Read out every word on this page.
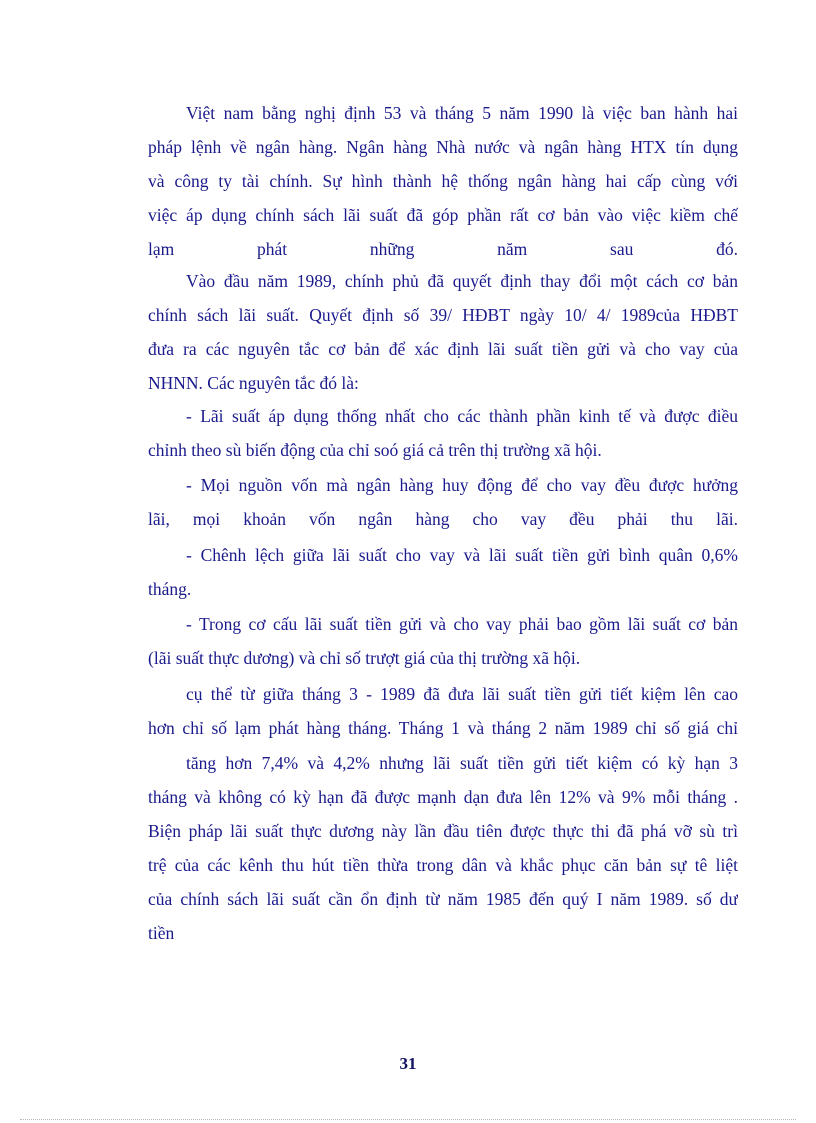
Việt nam bằng nghị định 53 và tháng 5 năm 1990 là việc ban hành hai
pháp lệnh về ngân hàng. Ngân hàng Nhà nước và ngân hàng HTX tín dụng
và công ty tài chính. Sự hình thành hệ thống ngân hàng hai cấp cùng với
việc áp dụng chính sách lãi suất đã góp phần rất cơ bản vào việc kiềm chế
lạm phát những năm sau đó.
Vào đầu năm 1989, chính phủ đã quyết định thay đổi một cách cơ bản
chính sách lãi suất. Quyết định số 39/ HĐBT ngày 10/ 4/ 1989của HĐBT
đưa ra các nguyên tắc cơ bản để xác định lãi suất tiền gửi và cho vay của
NHNN. Các nguyên tắc đó là:
- Lãi suất áp dụng thống nhất cho các thành phần kinh tế và được điều
chỉnh theo sù biến động của chỉ soó giá cả trên thị trường xã hội.
- Mọi nguồn vốn mà ngân hàng huy động để cho vay đều được hưởng
lãi, mọi khoản vốn ngân hàng cho vay đều phải thu lãi.
- Chênh lệch giữa lãi suất cho vay và lãi suất tiền gửi bình quân 0,6%
tháng.
- Trong cơ cấu lãi suất tiền gửi và cho vay phải bao gồm lãi suất cơ bản
(lãi suất thực dương) và chỉ số trượt giá của thị trường xã hội.
cụ thể từ giữa tháng 3 - 1989 đã đưa lãi suất tiền gửi tiết kiệm lên cao
hơn chỉ số lạm phát hàng tháng. Tháng 1 và tháng 2 năm 1989 chỉ số giá chỉ
tăng hơn 7,4% và 4,2% nhưng lãi suất tiền gửi tiết kiệm có kỳ hạn 3
tháng và không có kỳ hạn đã được mạnh dạn đưa lên 12% và 9% mỗi tháng .
Biện pháp lãi suất thực dương này lần đầu tiên được thực thi đã phá vỡ sù trì
trệ của các kênh thu hút tiền thừa trong dân và khắc phục căn bản sự tê liệt
của chính sách lãi suất cần ổn định từ năm 1985 đến quý I năm 1989. số dư
tiền
31
